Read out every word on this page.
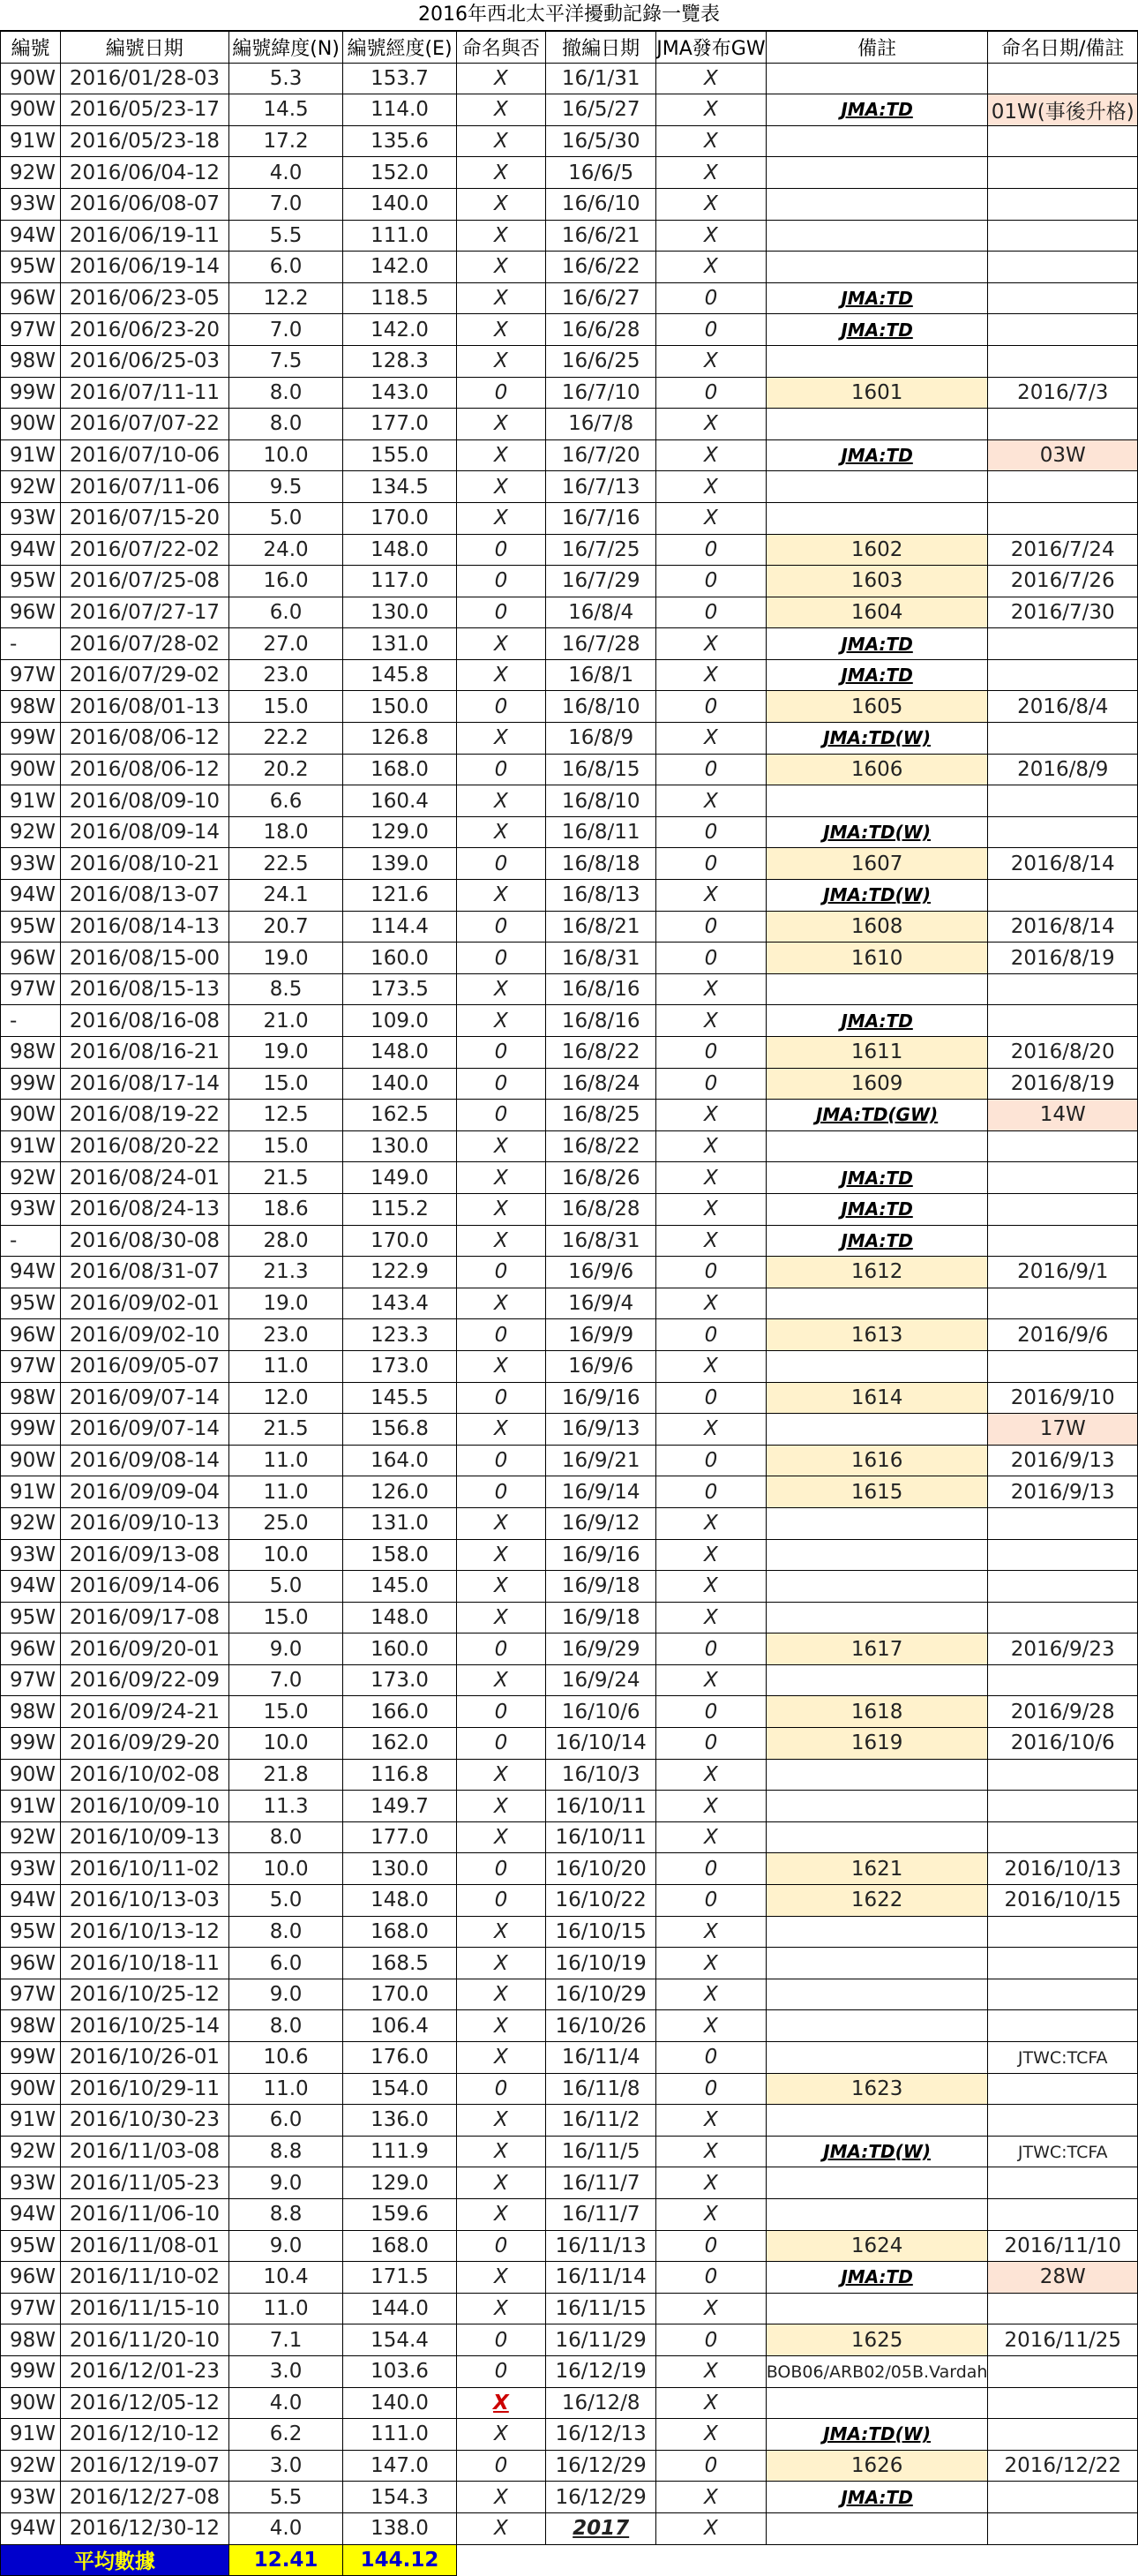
2016年西北太平洋擾動記錄一覽表
編號	編號日期	編號緯度(N)	編號經度(E)	命名與否	撤編日期	JMA發布GW	備註	命名日期/備註
90W	2016/01/28-03	5.3	153.7	X	16/1/31	X		
90W	2016/05/23-17	14.5	114.0	X	16/5/27	X	JMA:TD	01W(事後升格)
91W	2016/05/23-18	17.2	135.6	X	16/5/30	X		
92W	2016/06/04-12	4.0	152.0	X	16/6/5	X		
93W	2016/06/08-07	7.0	140.0	X	16/6/10	X		
94W	2016/06/19-11	5.5	111.0	X	16/6/21	X		
95W	2016/06/19-14	6.0	142.0	X	16/6/22	X		
96W	2016/06/23-05	12.2	118.5	X	16/6/27	0	JMA:TD	
97W	2016/06/23-20	7.0	142.0	X	16/6/28	0	JMA:TD	
98W	2016/06/25-03	7.5	128.3	X	16/6/25	X		
99W	2016/07/11-11	8.0	143.0	0	16/7/10	0	1601	2016/7/3
90W	2016/07/07-22	8.0	177.0	X	16/7/8	X		
91W	2016/07/10-06	10.0	155.0	X	16/7/20	X	JMA:TD	03W
92W	2016/07/11-06	9.5	134.5	X	16/7/13	X		
93W	2016/07/15-20	5.0	170.0	X	16/7/16	X		
94W	2016/07/22-02	24.0	148.0	0	16/7/25	0	1602	2016/7/24
95W	2016/07/25-08	16.0	117.0	0	16/7/29	0	1603	2016/7/26
96W	2016/07/27-17	6.0	130.0	0	16/8/4	0	1604	2016/7/30
-	2016/07/28-02	27.0	131.0	X	16/7/28	X	JMA:TD	
97W	2016/07/29-02	23.0	145.8	X	16/8/1	X	JMA:TD	
98W	2016/08/01-13	15.0	150.0	0	16/8/10	0	1605	2016/8/4
99W	2016/08/06-12	22.2	126.8	X	16/8/9	X	JMA:TD(W)	
90W	2016/08/06-12	20.2	168.0	0	16/8/15	0	1606	2016/8/9
91W	2016/08/09-10	6.6	160.4	X	16/8/10	X		
92W	2016/08/09-14	18.0	129.0	X	16/8/11	0	JMA:TD(W)	
93W	2016/08/10-21	22.5	139.0	0	16/8/18	0	1607	2016/8/14
94W	2016/08/13-07	24.1	121.6	X	16/8/13	X	JMA:TD(W)	
95W	2016/08/14-13	20.7	114.4	0	16/8/21	0	1608	2016/8/14
96W	2016/08/15-00	19.0	160.0	0	16/8/31	0	1610	2016/8/19
97W	2016/08/15-13	8.5	173.5	X	16/8/16	X		
-	2016/08/16-08	21.0	109.0	X	16/8/16	X	JMA:TD	
98W	2016/08/16-21	19.0	148.0	0	16/8/22	0	1611	2016/8/20
99W	2016/08/17-14	15.0	140.0	0	16/8/24	0	1609	2016/8/19
90W	2016/08/19-22	12.5	162.5	0	16/8/25	X	JMA:TD(GW)	14W
91W	2016/08/20-22	15.0	130.0	X	16/8/22	X		
92W	2016/08/24-01	21.5	149.0	X	16/8/26	X	JMA:TD	
93W	2016/08/24-13	18.6	115.2	X	16/8/28	X	JMA:TD	
-	2016/08/30-08	28.0	170.0	X	16/8/31	X	JMA:TD	
94W	2016/08/31-07	21.3	122.9	0	16/9/6	0	1612	2016/9/1
95W	2016/09/02-01	19.0	143.4	X	16/9/4	X		
96W	2016/09/02-10	23.0	123.3	0	16/9/9	0	1613	2016/9/6
97W	2016/09/05-07	11.0	173.0	X	16/9/6	X		
98W	2016/09/07-14	12.0	145.5	0	16/9/16	0	1614	2016/9/10
99W	2016/09/07-14	21.5	156.8	X	16/9/13	X		17W
90W	2016/09/08-14	11.0	164.0	0	16/9/21	0	1616	2016/9/13
91W	2016/09/09-04	11.0	126.0	0	16/9/14	0	1615	2016/9/13
92W	2016/09/10-13	25.0	131.0	X	16/9/12	X		
93W	2016/09/13-08	10.0	158.0	X	16/9/16	X		
94W	2016/09/14-06	5.0	145.0	X	16/9/18	X		
95W	2016/09/17-08	15.0	148.0	X	16/9/18	X		
96W	2016/09/20-01	9.0	160.0	0	16/9/29	0	1617	2016/9/23
97W	2016/09/22-09	7.0	173.0	X	16/9/24	X		
98W	2016/09/24-21	15.0	166.0	0	16/10/6	0	1618	2016/9/28
99W	2016/09/29-20	10.0	162.0	0	16/10/14	0	1619	2016/10/6
90W	2016/10/02-08	21.8	116.8	X	16/10/3	X		
91W	2016/10/09-10	11.3	149.7	X	16/10/11	X		
92W	2016/10/09-13	8.0	177.0	X	16/10/11	X		
93W	2016/10/11-02	10.0	130.0	0	16/10/20	0	1621	2016/10/13
94W	2016/10/13-03	5.0	148.0	0	16/10/22	0	1622	2016/10/15
95W	2016/10/13-12	8.0	168.0	X	16/10/15	X		
96W	2016/10/18-11	6.0	168.5	X	16/10/19	X		
97W	2016/10/25-12	9.0	170.0	X	16/10/29	X		
98W	2016/10/25-14	8.0	106.4	X	16/10/26	X		
99W	2016/10/26-01	10.6	176.0	X	16/11/4	0		JTWC:TCFA
90W	2016/10/29-11	11.0	154.0	0	16/11/8	0	1623	
91W	2016/10/30-23	6.0	136.0	X	16/11/2	X		
92W	2016/11/03-08	8.8	111.9	X	16/11/5	X	JMA:TD(W)	JTWC:TCFA
93W	2016/11/05-23	9.0	129.0	X	16/11/7	X		
94W	2016/11/06-10	8.8	159.6	X	16/11/7	X		
95W	2016/11/08-01	9.0	168.0	0	16/11/13	0	1624	2016/11/10
96W	2016/11/10-02	10.4	171.5	X	16/11/14	0	JMA:TD	28W
97W	2016/11/15-10	11.0	144.0	X	16/11/15	X		
98W	2016/11/20-10	7.1	154.4	0	16/11/29	0	1625	2016/11/25
99W	2016/12/01-23	3.0	103.6	0	16/12/19	X	BOB06/ARB02/05B.Vardah	
90W	2016/12/05-12	4.0	140.0	X	16/12/8	X		
91W	2016/12/10-12	6.2	111.0	X	16/12/13	X	JMA:TD(W)	
92W	2016/12/19-07	3.0	147.0	0	16/12/29	0	1626	2016/12/22
93W	2016/12/27-08	5.5	154.3	X	16/12/29	X	JMA:TD	
94W	2016/12/30-12	4.0	138.0	X	2017	X		
平均數據		12.41	144.12					
